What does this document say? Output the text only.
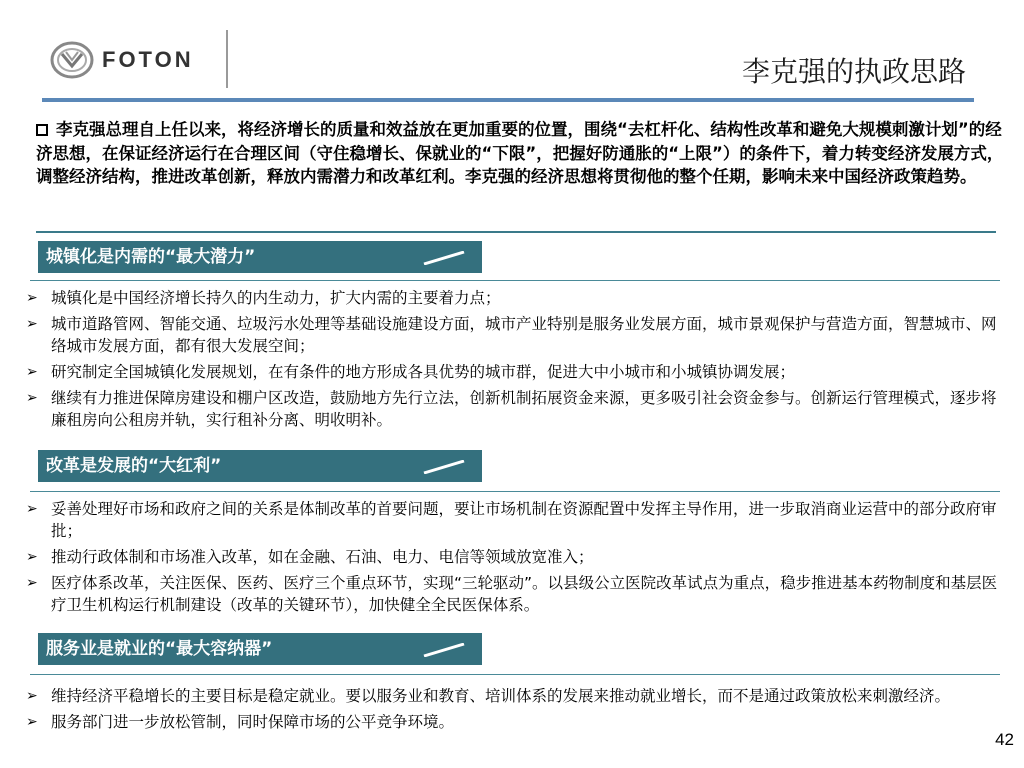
FOTON	李克强的执政思路
李克强总理自上任以来，将经济增长的质量和效益放在更加重要的位置，围绕“去杠杆化、结构性改革和避免大规模刺激计划”的经济思想，在保证经济运行在合理区间（守住稳增长、保就业的“下限”，把握好防通胀的“上限”）的条件下，着力转变经济发展方式，调整经济结构，推进改革创新，释放内需潜力和改革红利。李克强的经济思想将贯彻他的整个任期，影响未来中国经济政策趋势。
城镇化是内需的“最大潜力”
➢ 城镇化是中国经济增长持久的内生动力，扩大内需的主要着力点；
➢ 城市道路管网、智能交通、垃圾污水处理等基础设施建设方面，城市产业特别是服务业发展方面，城市景观保护与营造方面，智慧城市、网络城市发展方面，都有很大发展空间；
➢ 研究制定全国城镇化发展规划，在有条件的地方形成各具优势的城市群，促进大中小城市和小城镇协调发展；
➢ 继续有力推进保障房建设和棚户区改造，鼓励地方先行立法，创新机制拓展资金来源，更多吸引社会资金参与。创新运行管理模式，逐步将廉租房向公租房并轨，实行租补分离、明收明补。
改革是发展的“大红利”
➢ 妥善处理好市场和政府之间的关系是体制改革的首要问题，要让市场机制在资源配置中发挥主导作用，进一步取消商业运营中的部分政府审批；
➢ 推动行政体制和市场准入改革，如在金融、石油、电力、电信等领域放宽准入；
➢ 医疗体系改革，关注医保、医药、医疗三个重点环节，实现“三轮驱动”。以县级公立医院改革试点为重点，稳步推进基本药物制度和基层医疗卫生机构运行机制建设（改革的关键环节），加快健全全民医保体系。
服务业是就业的“最大容纳器”
➢ 维持经济平稳增长的主要目标是稳定就业。要以服务业和教育、培训体系的发展来推动就业增长，而不是通过政策放松来刺激经济。
➢ 服务部门进一步放松管制，同时保障市场的公平竞争环境。
42
